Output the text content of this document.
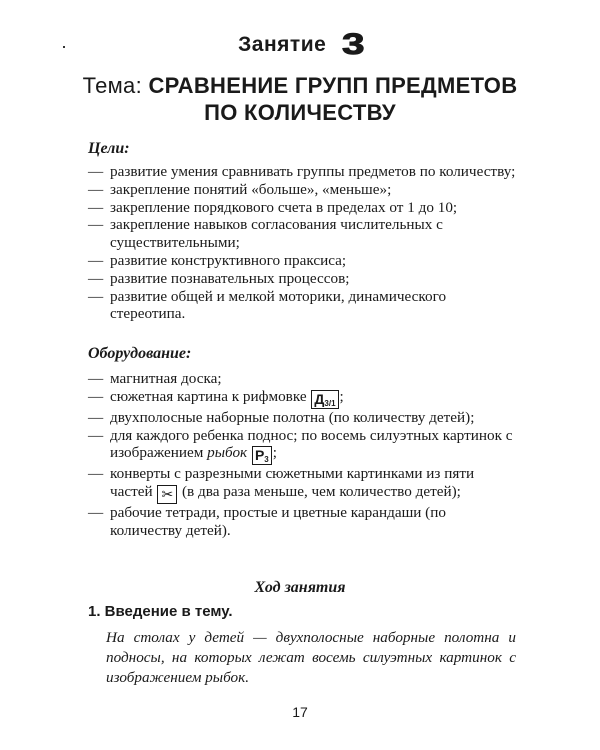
Занятие 3
Тема: СРАВНЕНИЕ ГРУПП ПРЕДМЕТОВ
ПО КОЛИЧЕСТВУ
Цели:
— развитие умения сравнивать группы предметов по количеству;
— закрепление понятий «больше», «меньше»;
— закрепление порядкового счета в пределах от 1 до 10;
— закрепление навыков согласования числительных с существительными;
— развитие конструктивного праксиса;
— развитие познавательных процессов;
— развитие общей и мелкой моторики, динамического стереотипа.
Оборудование:
— магнитная доска;
— сюжетная картина к рифмовке $Д_{3/1}$ ;
— двухполосные наборные полотна (по количеству детей);
— для каждого ребенка поднос; по восемь силуэтных картинок с изображением рыбок $Р_3$ ;
— конверты с разрезными сюжетными картинками из пяти частей ✂ (в два раза меньше, чем количество детей);
— рабочие тетради, простые и цветные карандаши (по количеству детей).
Ход занятия
1. Введение в тему.
На столах у детей — двухполосные наборные полотна и подносы, на которых лежат восемь силуэтных картинок с изображением рыбок.
17
